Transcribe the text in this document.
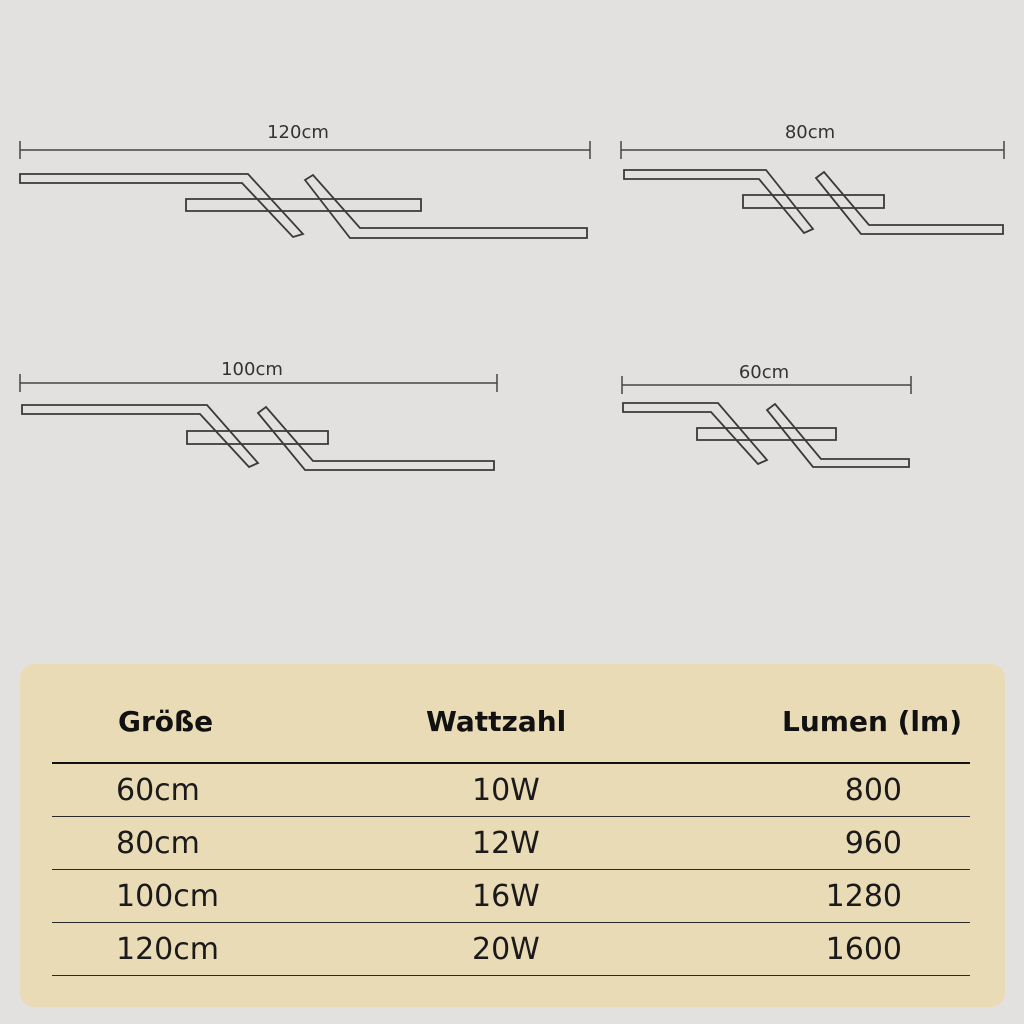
120cm	80cm
100cm	60cm
Größe	Wattzahl	Lumen (lm)
60cm	10W	800
80cm	12W	960
100cm	16W	1280
120cm	20W	1600
